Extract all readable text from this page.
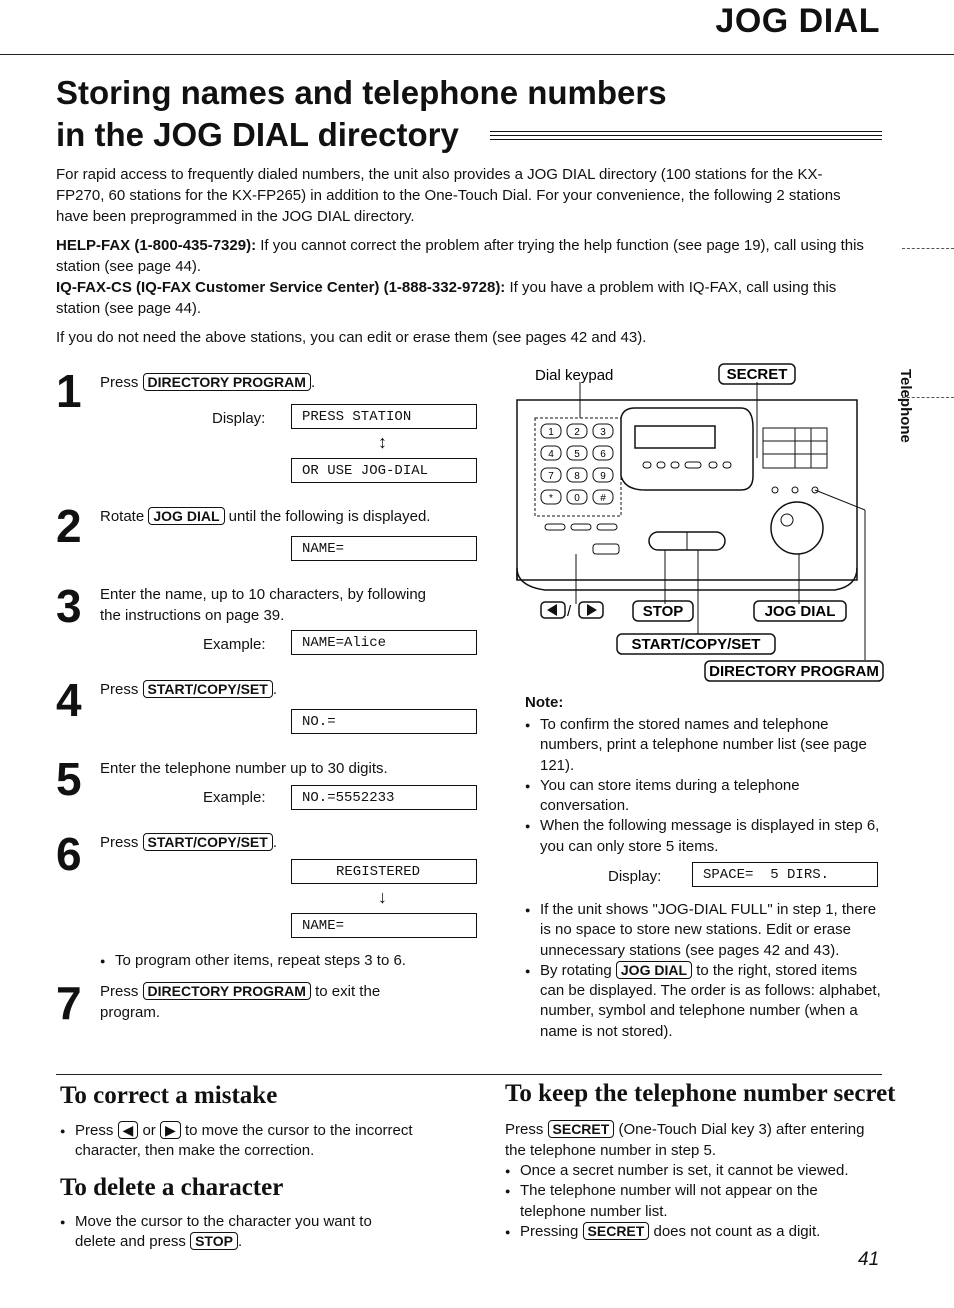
JOG DIAL
Storing names and telephone numbers
in the JOG DIAL directory
For rapid access to frequently dialed numbers, the unit also provides a JOG DIAL directory (100 stations for the KX-FP270, 60 stations for the KX-FP265) in addition to the One-Touch Dial. For your convenience, the following 2 stations have been preprogrammed in the JOG DIAL directory.
HELP-FAX (1-800-435-7329): If you cannot correct the problem after trying the help function (see page 19), call using this station (see page 44).
IQ-FAX-CS (IQ-FAX Customer Service Center) (1-888-332-9728): If you have a problem with IQ-FAX, call using this station (see page 44).
If you do not need the above stations, you can edit or erase them (see pages 42 and 43).
Telephone
1 Press DIRECTORY PROGRAM .
Display:	PRESS STATION
↕
OR USE JOG-DIAL
2 Rotate JOG DIAL until the following is displayed.
NAME=
3 Enter the name, up to 10 characters, by following
the instructions on page 39.
Example:	NAME=Alice
4 Press START/COPY/SET .
NO.=
5 Enter the telephone number up to 30 digits.
Example:	NO.=5552233
6 Press START/COPY/SET .
REGISTERED
↓
NAME=
● To program other items, repeat steps 3 to 6.
7 Press DIRECTORY PROGRAM to exit the
program.
1 2 3
4 5 6
7 8 9
* 0 #
Dial keypad	SECRET
/	STOP	JOG DIAL
START/COPY/SET
DIRECTORY PROGRAM
Note:
● To confirm the stored names and telephone numbers, print a telephone number list (see page 121).
● You can store items during a telephone conversation.
● When the following message is displayed in step 6, you can only store 5 items.
Display:	SPACE=  5 DIRS.
● If the unit shows "JOG-DIAL FULL" in step 1, there is no space to store new stations. Edit or erase unnecessary stations (see pages 42 and 43).
● By rotating JOG DIAL to the right, stored items can be displayed. The order is as follows: alphabet, number, symbol and telephone number (when a name is not stored).
To correct a mistake
● Press ◀ or ▶ to move the cursor to the incorrect character, then make the correction.
To delete a character
● Move the cursor to the character you want to delete and press STOP .
To keep the telephone number secret
Press SECRET (One-Touch Dial key 3) after entering the telephone number in step 5.
● Once a secret number is set, it cannot be viewed.
● The telephone number will not appear on the telephone number list.
● Pressing SECRET does not count as a digit.
41
